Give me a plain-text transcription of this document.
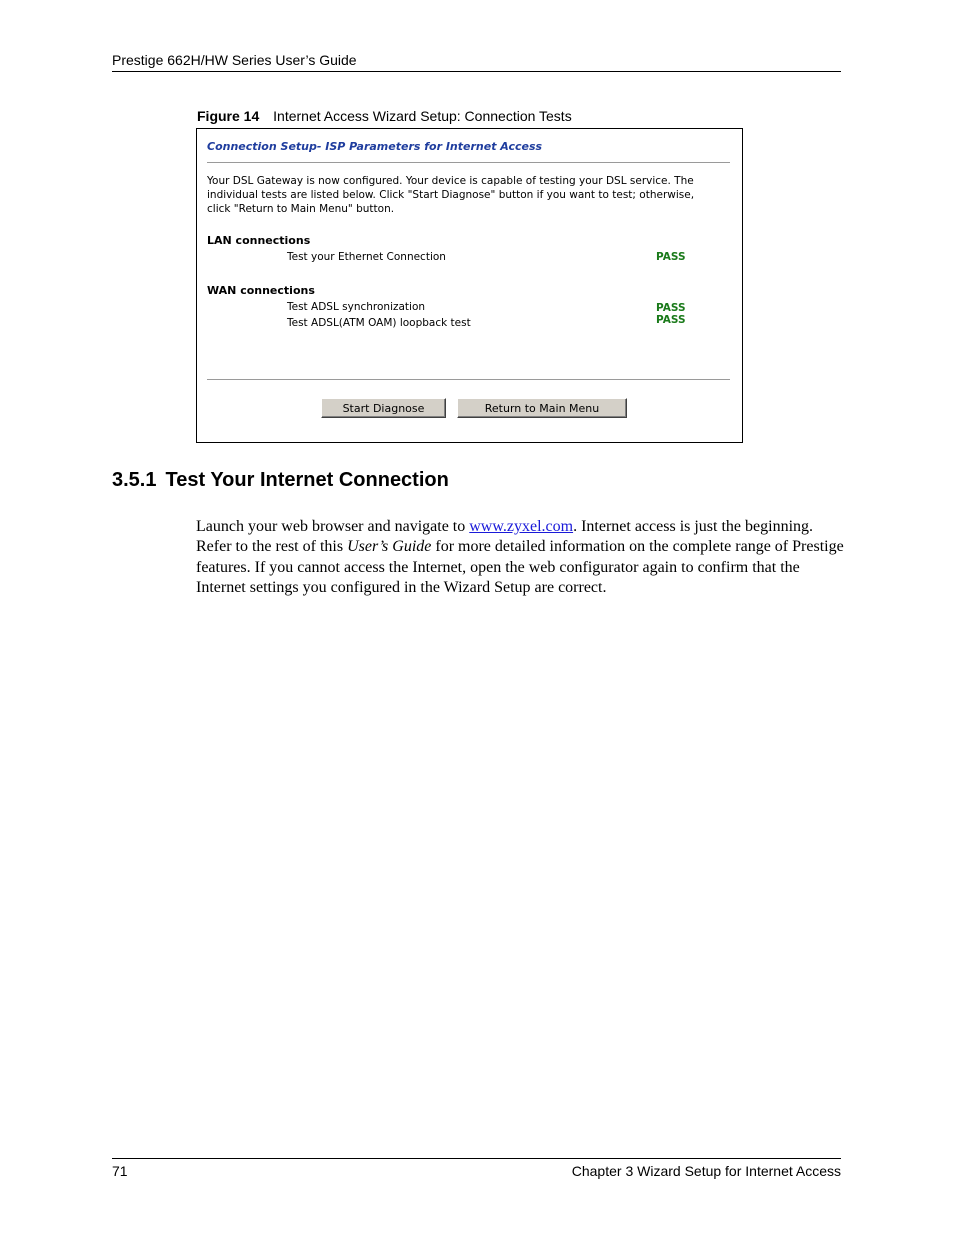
Prestige 662H/HW Series User’s Guide
Figure 14 Internet Access Wizard Setup: Connection Tests
Connection Setup- ISP Parameters for Internet Access
Your DSL Gateway is now configured. Your device is capable of testing your DSL service. The individual tests are listed below. Click "Start Diagnose" button if you want to test; otherwise, click "Return to Main Menu" button.
LAN connections
Test your Ethernet Connection	PASS
WAN connections
Test ADSL synchronization	PASS
Test ADSL(ATM OAM) loopback test	PASS
Start Diagnose	Return to Main Menu
3.5.1 Test Your Internet Connection

Launch your web browser and navigate to www.zyxel.com. Internet access is just the beginning. Refer to the rest of this User’s Guide for more detailed information on the complete range of Prestige features. If you cannot access the Internet, open the web configurator again to confirm that the Internet settings you configured in the Wizard Setup are correct.

71	Chapter 3 Wizard Setup for Internet Access
